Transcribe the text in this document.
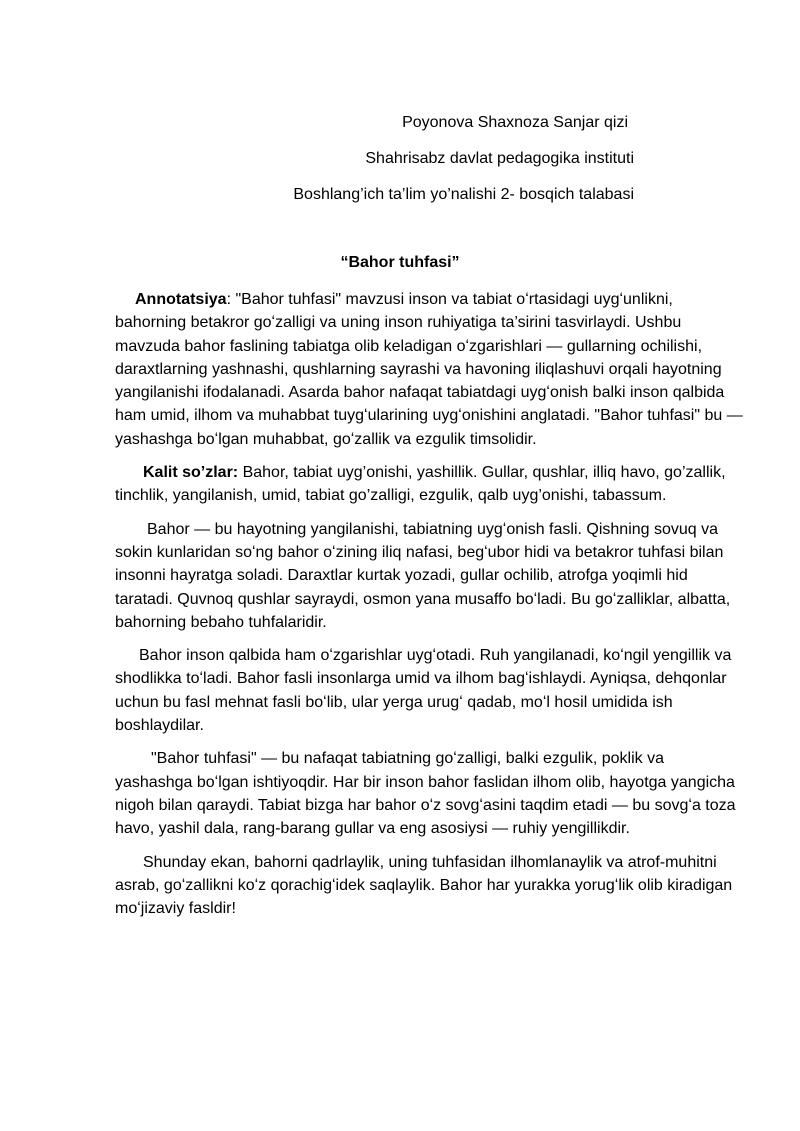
Poyonova Shaxnoza Sanjar qizi
Shahrisabz davlat pedagogika instituti
Boshlang’ich ta’lim yo’nalishi 2- bosqich talabasi
“Bahor tuhfasi”

Annotatsiya: "Bahor tuhfasi" mavzusi inson va tabiat oʻrtasidagi uygʻunlikni, bahorning betakror goʻzalligi va uning inson ruhiyatiga ta’sirini tasvirlaydi. Ushbu mavzuda bahor faslining tabiatga olib keladigan oʻzgarishlari — gullarning ochilishi, daraxtlarning yashnashi, qushlarning sayrashi va havoning iliqlashuvi orqali hayotning yangilanishi ifodalanadi. Asarda bahor nafaqat tabiatdagi uygʻonish balki inson qalbida ham umid, ilhom va muhabbat tuygʻularining uygʻonishini anglatadi. "Bahor tuhfasi" bu — yashashga boʻlgan muhabbat, goʻzallik va ezgulik timsolidir.

Kalit so’zlar: Bahor, tabiat uyg’onishi, yashillik. Gullar, qushlar, illiq havo, go’zallik, tinchlik, yangilanish, umid, tabiat go’zalligi, ezgulik, qalb uyg’onishi, tabassum.

Bahor — bu hayotning yangilanishi, tabiatning uygʻonish fasli. Qishning sovuq va sokin kunlaridan soʻng bahor oʻzining iliq nafasi, begʻubor hidi va betakror tuhfasi bilan insonni hayratga soladi. Daraxtlar kurtak yozadi, gullar ochilib, atrofga yoqimli hid taratadi. Quvnoq qushlar sayraydi, osmon yana musaffo boʻladi. Bu goʻzalliklar, albatta, bahorning bebaho tuhfalaridir.

Bahor inson qalbida ham oʻzgarishlar uygʻotadi. Ruh yangilanadi, koʻngil yengillik va shodlikka toʻladi. Bahor fasli insonlarga umid va ilhom bagʻishlaydi. Ayniqsa, dehqonlar uchun bu fasl mehnat fasli boʻlib, ular yerga urugʻ qadab, moʻl hosil umidida ish boshlaydilar.

"Bahor tuhfasi" — bu nafaqat tabiatning goʻzalligi, balki ezgulik, poklik va yashashga boʻlgan ishtiyoqdir. Har bir inson bahor faslidan ilhom olib, hayotga yangicha nigoh bilan qaraydi. Tabiat bizga har bahor oʻz sovgʻasini taqdim etadi — bu sovgʻa toza havo, yashil dala, rang-barang gullar va eng asosiysi — ruhiy yengillikdir.

Shunday ekan, bahorni qadrlaylik, uning tuhfasidan ilhomlanaylik va atrof-muhitni asrab, goʻzallikni koʻz qorachigʻidek saqlaylik. Bahor har yurakka yorugʻlik olib kiradigan moʻjizaviy fasldir!
